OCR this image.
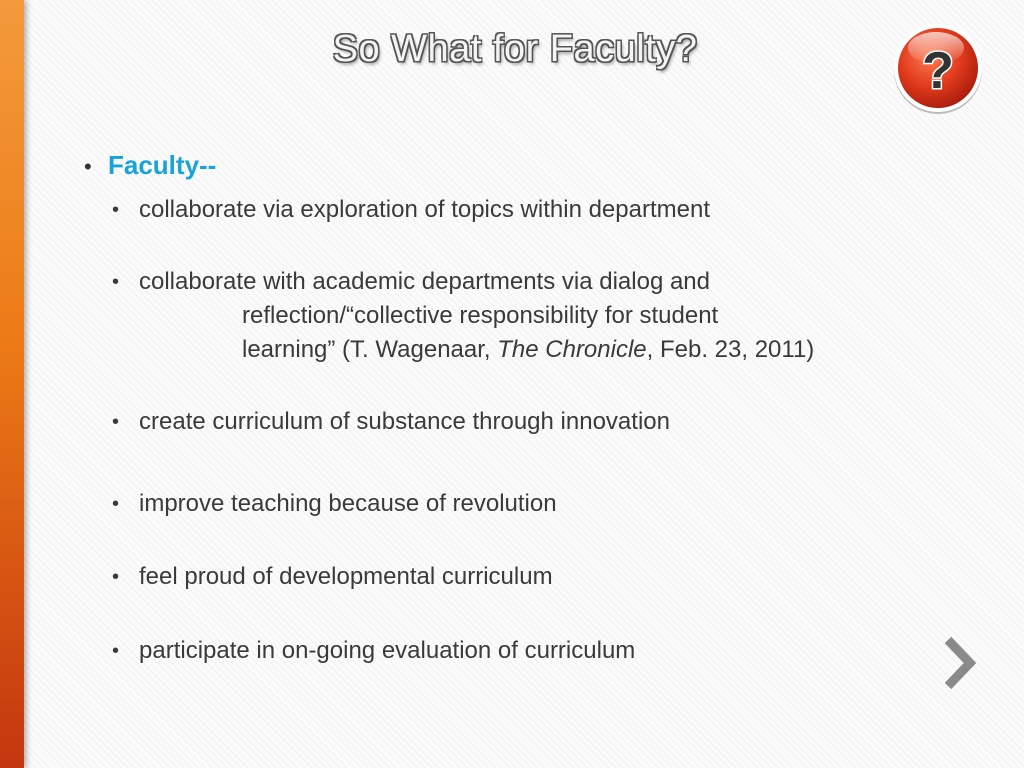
So What for Faculty?	?
• Faculty--
• collaborate via exploration of topics within department
• collaborate with academic departments via dialog and
reflection/“collective responsibility for student
learning” (T. Wagenaar, The Chronicle, Feb. 23, 2011)
• create curriculum of substance through innovation
• improve teaching because of revolution
• feel proud of developmental curriculum
• participate in on-going evaluation of curriculum
